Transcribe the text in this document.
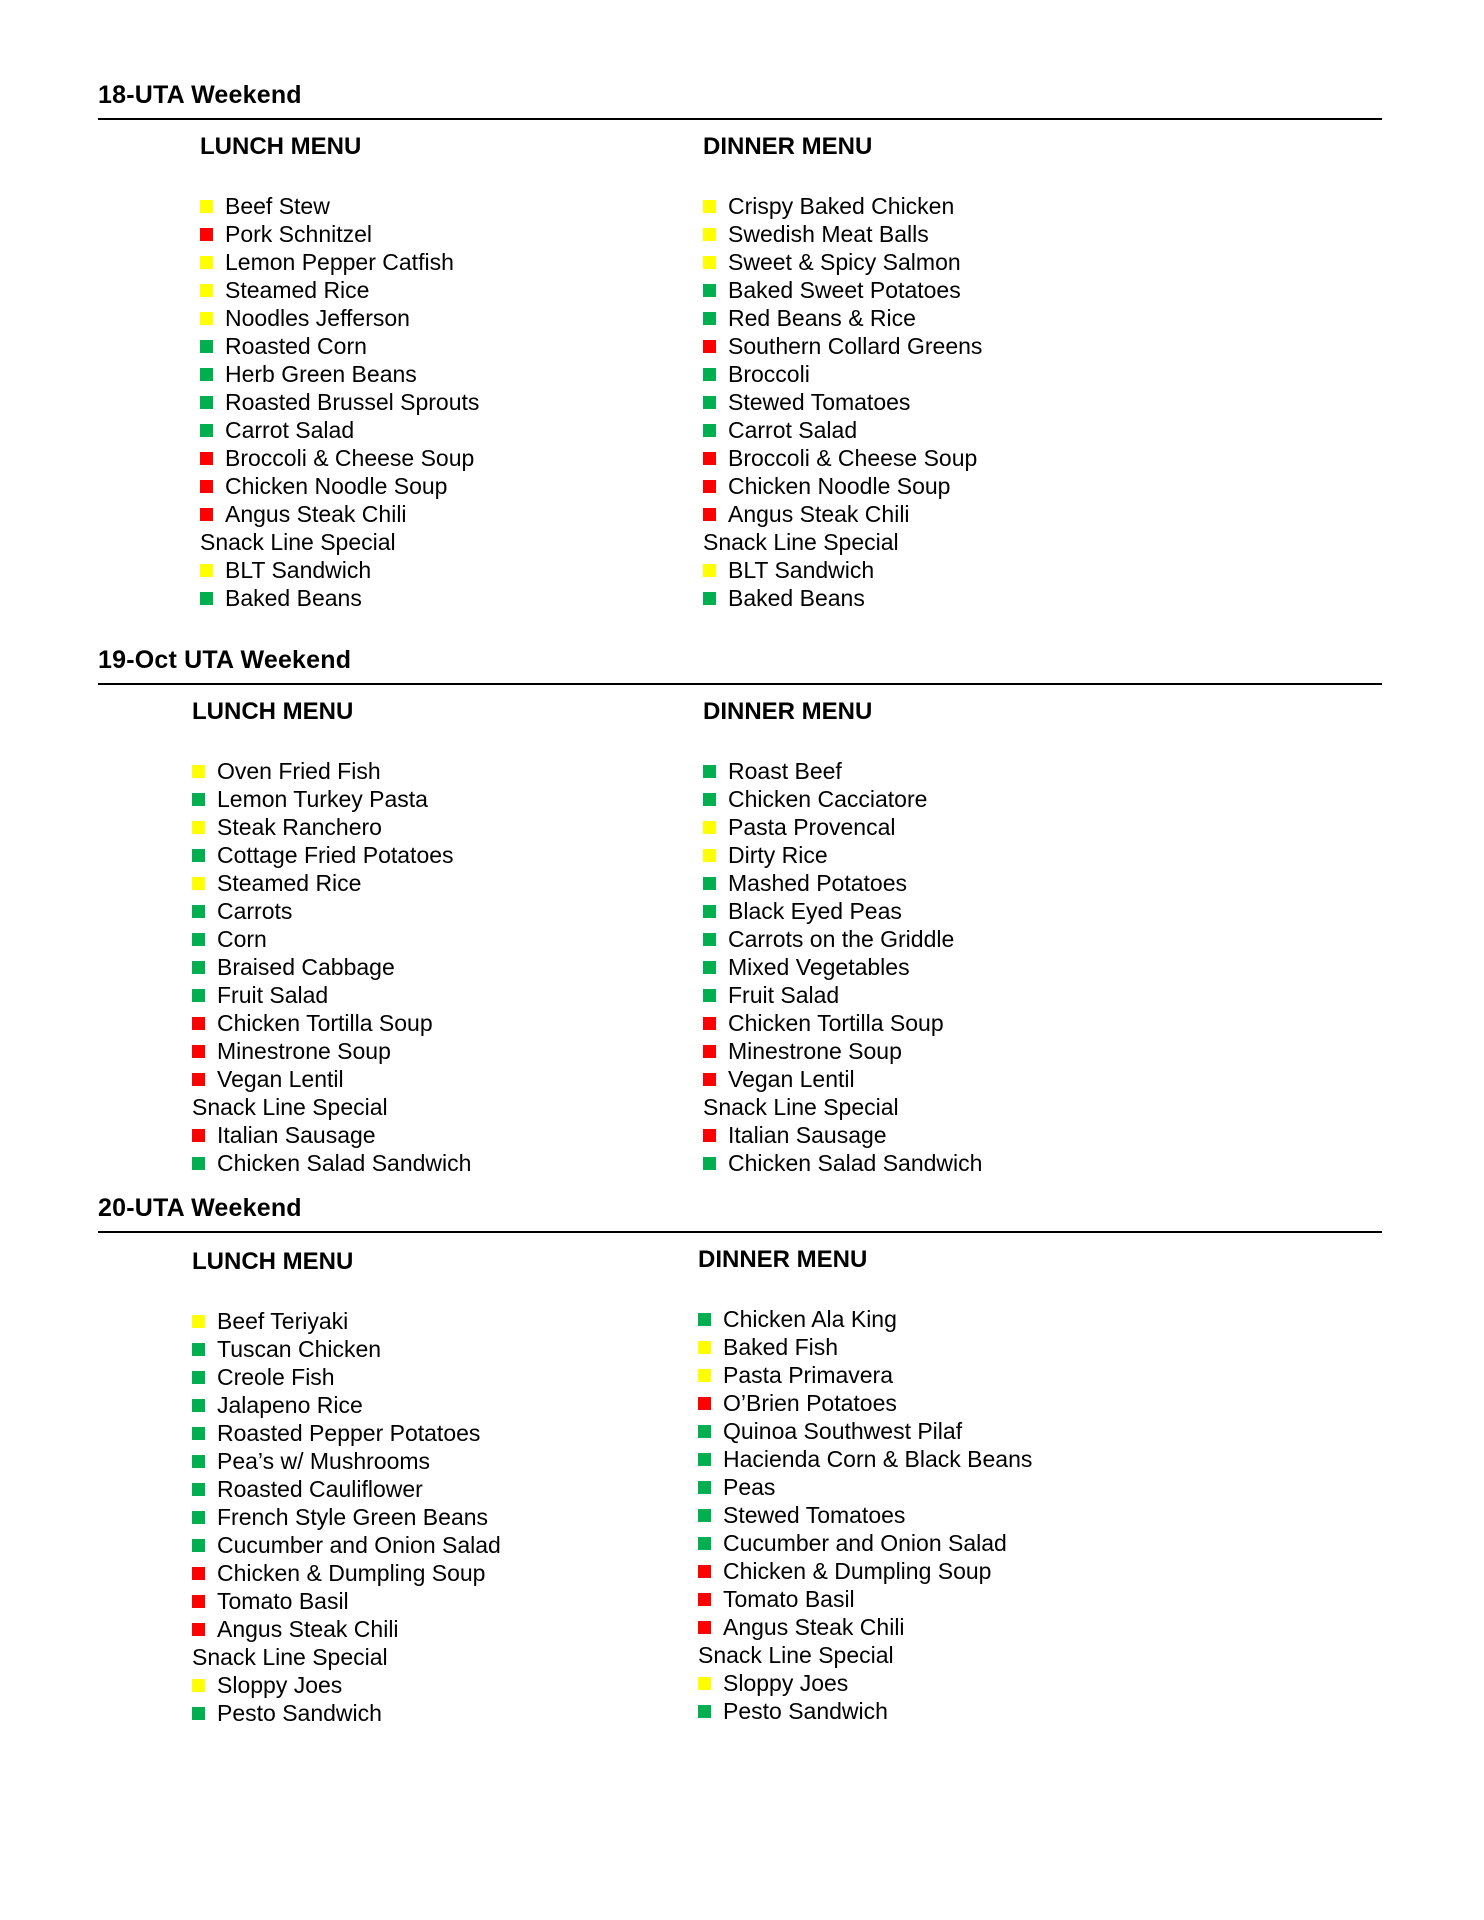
18-UTA Weekend
LUNCH MENU
Beef Stew
Pork Schnitzel
Lemon Pepper Catfish
Steamed Rice
Noodles Jefferson
Roasted Corn
Herb Green Beans
Roasted Brussel Sprouts
Carrot Salad
Broccoli & Cheese Soup
Chicken Noodle Soup
Angus Steak Chili
Snack Line Special
BLT Sandwich
Baked Beans
DINNER MENU
Crispy Baked Chicken
Swedish Meat Balls
Sweet & Spicy Salmon
Baked Sweet Potatoes
Red Beans & Rice
Southern Collard Greens
Broccoli
Stewed Tomatoes
Carrot Salad
Broccoli & Cheese Soup
Chicken Noodle Soup
Angus Steak Chili
Snack Line Special
BLT Sandwich
Baked Beans
19-Oct UTA Weekend
LUNCH MENU
Oven Fried Fish
Lemon Turkey Pasta
Steak Ranchero
Cottage Fried Potatoes
Steamed Rice
Carrots
Corn
Braised Cabbage
Fruit Salad
Chicken Tortilla Soup
Minestrone Soup
Vegan Lentil
Snack Line Special
Italian Sausage
Chicken Salad Sandwich
DINNER MENU
Roast Beef
Chicken Cacciatore
Pasta Provencal
Dirty Rice
Mashed Potatoes
Black Eyed Peas
Carrots on the Griddle
Mixed Vegetables
Fruit Salad
Chicken Tortilla Soup
Minestrone Soup
Vegan Lentil
Snack Line Special
Italian Sausage
Chicken Salad Sandwich
20-UTA Weekend
LUNCH MENU
Beef Teriyaki
Tuscan Chicken
Creole Fish
Jalapeno Rice
Roasted Pepper Potatoes
Pea’s w/ Mushrooms
Roasted Cauliflower
French Style Green Beans
Cucumber and Onion Salad
Chicken & Dumpling Soup
Tomato Basil
Angus Steak Chili
Snack Line Special
Sloppy Joes
Pesto Sandwich
DINNER MENU
Chicken Ala King
Baked Fish
Pasta Primavera
O’Brien Potatoes
Quinoa Southwest Pilaf
Hacienda Corn & Black Beans
Peas
Stewed Tomatoes
Cucumber and Onion Salad
Chicken & Dumpling Soup
Tomato Basil
Angus Steak Chili
Snack Line Special
Sloppy Joes
Pesto Sandwich
